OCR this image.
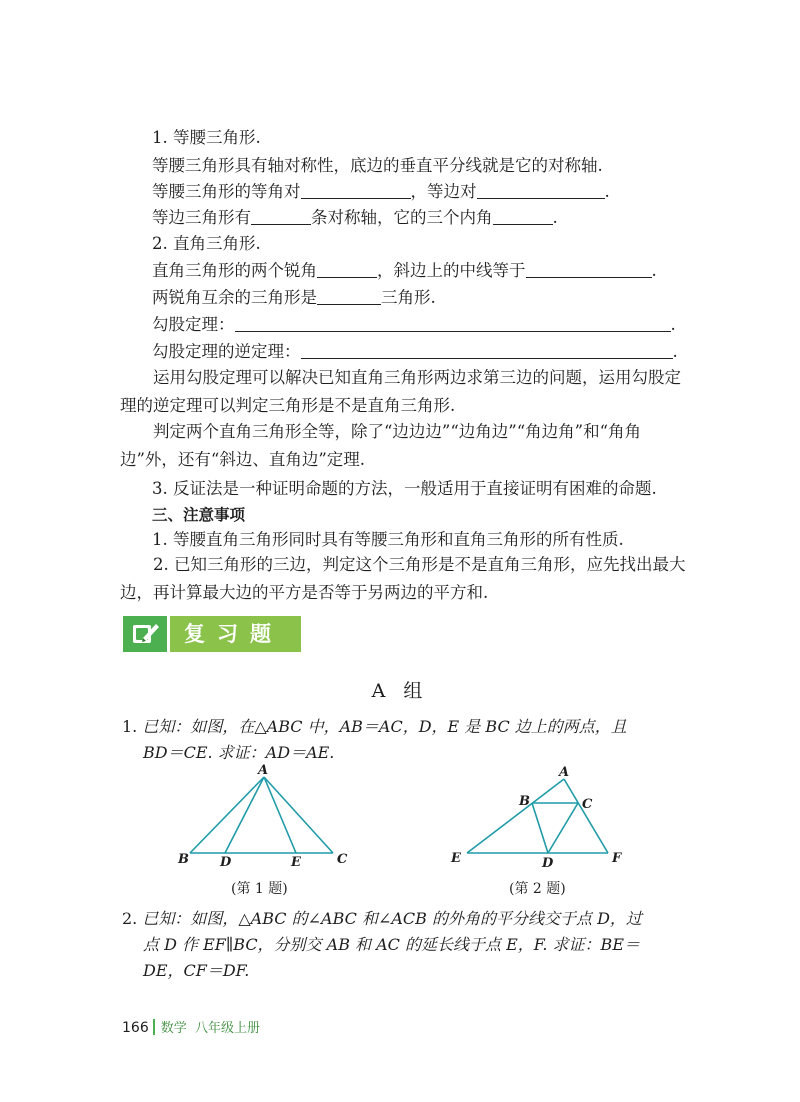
1. 等腰三角形.
等腰三角形具有轴对称性，底边的垂直平分线就是它的对称轴.
等腰三角形的等角对	，等边对	.
等边三角形有	条对称轴，它的三个内角	.
2. 直角三角形.
直角三角形的两个锐角	，斜边上的中线等于	.
两锐角互余的三角形是	三角形.
勾股定理：	.
勾股定理的逆定理：	.
运用勾股定理可以解决已知直角三角形两边求第三边的问题，运用勾股定理的逆定理可以判定三角形是不是直角三角形.
判定两个直角三角形全等，除了“边边边”“边角边”“角边角”和“角角边”外，还有“斜边、直角边”定理.
3. 反证法是一种证明命题的方法，一般适用于直接证明有困难的命题.
三、注意事项
1. 等腰直角三角形同时具有等腰三角形和直角三角形的所有性质.
2. 已知三角形的三边，判定这个三角形是不是直角三角形，应先找出最大边，再计算最大边的平方是否等于另两边的平方和.
复习题
A 组
1. 已知：如图，在△ABC 中，AB＝AC，D，E 是 BC 边上的两点，且
BD＝CE. 求证：AD＝AE.
A
B D	E	C
(第 1 题)
A
B	C
D
E	F
(第 2 题)
2. 已知：如图，△ABC 的∠ABC 和∠ACB 的外角的平分线交于点 D，过
点 D 作 EF∥BC，分别交 AB 和 AC 的延长线于点 E，F. 求证：BE＝
DE，CF＝DF.
166 数学 八年级上册
